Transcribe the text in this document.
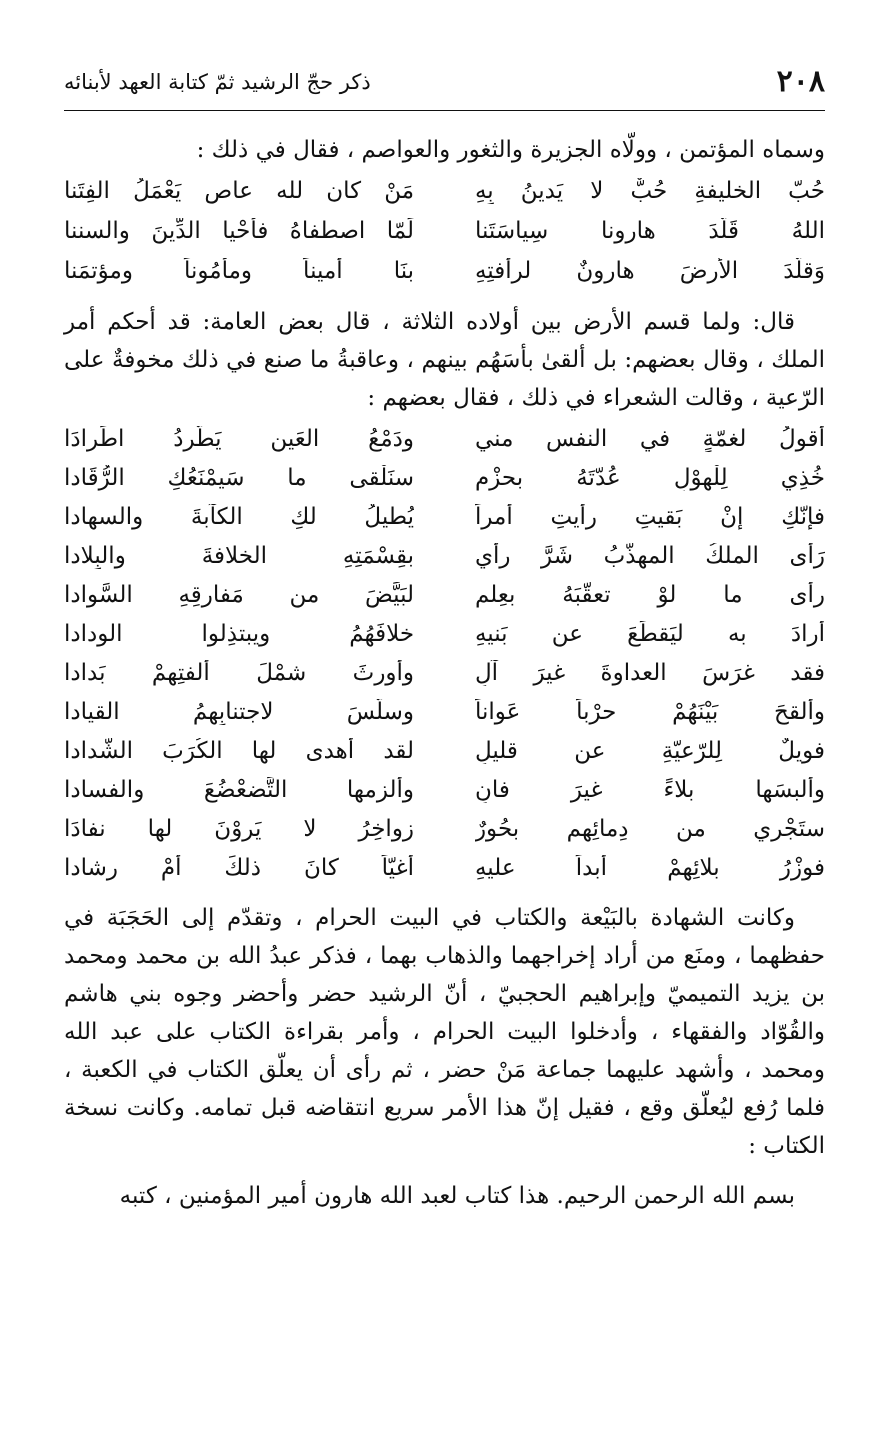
٢٠٨
ذكر حجّ الرشيد ثمّ كتابة العهد لأبنائه

وسماه المؤتمن ، وولّاه الجزيرة والثغور والعواصم ، فقال في ذلك :

حُبّ الخليفةِ حُبٌّ لا يَدينُ بِهِ
مَنْ كان لله عاصٍ يَعْمَلُ الفِتَنا
اللهُ قَلّدَ هارونا سِياسَتَنا
لَمّا اصطفاهُ فأحْيا الدِّينَ والسننا
وَقلّدَ الأرضَ هارونٌ لرأفتِهِ
بنَا أميناً ومأمُوناً ومؤتمَنا

قال: ولما قسم الأرض بين أولاده الثلاثة ، قال بعض العامة: قد أحكم أمر الملك ، وقال بعضهم: بل ألقىٰ بأسَهُم بينهم ، وعاقبةُ ما صنع في ذلك مخوفةٌ على الرّعية ، وقالت الشعراء في ذلك ، فقال بعضهم :

أقولُ لغمّةٍ في النفسِ مني
ودَمْعُ العَينِ يَطّردُ اطِّرادَا
خُذِي لِلْهوْلِ عُدّتَهُ بحزْمٍ
سنَلْقى ما سَيمْنَعُكِ الرُّقَادا
فإنّكِ إنْ بَقيتِ رأيتِ أمراً
يُطيلُ لكِ الكآبةَ والسهادا
رَأى الملكُ المهذَّبُ شَرَّ رأيٍ
بقِسْمَتِهِ الخلافةَ والبِلادا
رأى ما لوْ تعقّبَهُ بعِلمٍ
لبَيَّضَ من مَفارقِهِ السَّوادا
أرادَ به ليَقطَعَ عن بَنيهِ
خلافَهُمُ ويبتذِلوا الودادا
فقد غرَسَ العداوةَ غيرَ آلٍ
وأورثَ شمْلَ أُلفتِهِمْ بَدادا
وألقحَ بَيْنَهُمْ حرْباً عَواناً
وسلَّسَ لاجتنابِهِمُ القيادا
فويلٌ لِلرّعيّةِ عن قليلٍ
لقد أهدى لها الكُرَبَ الشّدادا
وألبسَها بلاءً غيرَ فانٍ
وألزمها التَّضعْضُعَ والفسادا
ستَجْري من دِمائِهِم بحُورٌ
زواخِرُ لا يَروْنَ لها نفادَا
فوِزْرُ بلائِهِمْ أبداً عليهِ
أغيّاً كانَ ذلكَ أمْ رشادا

وكانت الشهادة بالبَيْعة والكتاب في البيت الحرام ، وتقدّم إلى الحَجَبَة في حفظهما ، ومنَع من أراد إخراجهما والذهاب بهما ، فذكر عبدُ الله بن محمد ومحمد بن يزيد التميميّ وإبراهيم الحجبيّ ، أنّ الرشيد حضر وأحضر وجوه بني هاشم والقُوّاد والفقهاء ، وأدخلوا البيت الحرام ، وأمر بقراءة الكتاب على عبد الله ومحمد ، وأشهد عليهما جماعة مَنْ حضر ، ثم رأى أن يعلّق الكتاب في الكعبة ، فلما رُفع ليُعلّق وقع ، فقيل إنّ هذا الأمر سريع انتقاضه قبل تمامه. وكانت نسخة الكتاب :

بسم الله الرحمن الرحيم. هذا كتاب لعبد الله هارون أمير المؤمنين ، كتبه
